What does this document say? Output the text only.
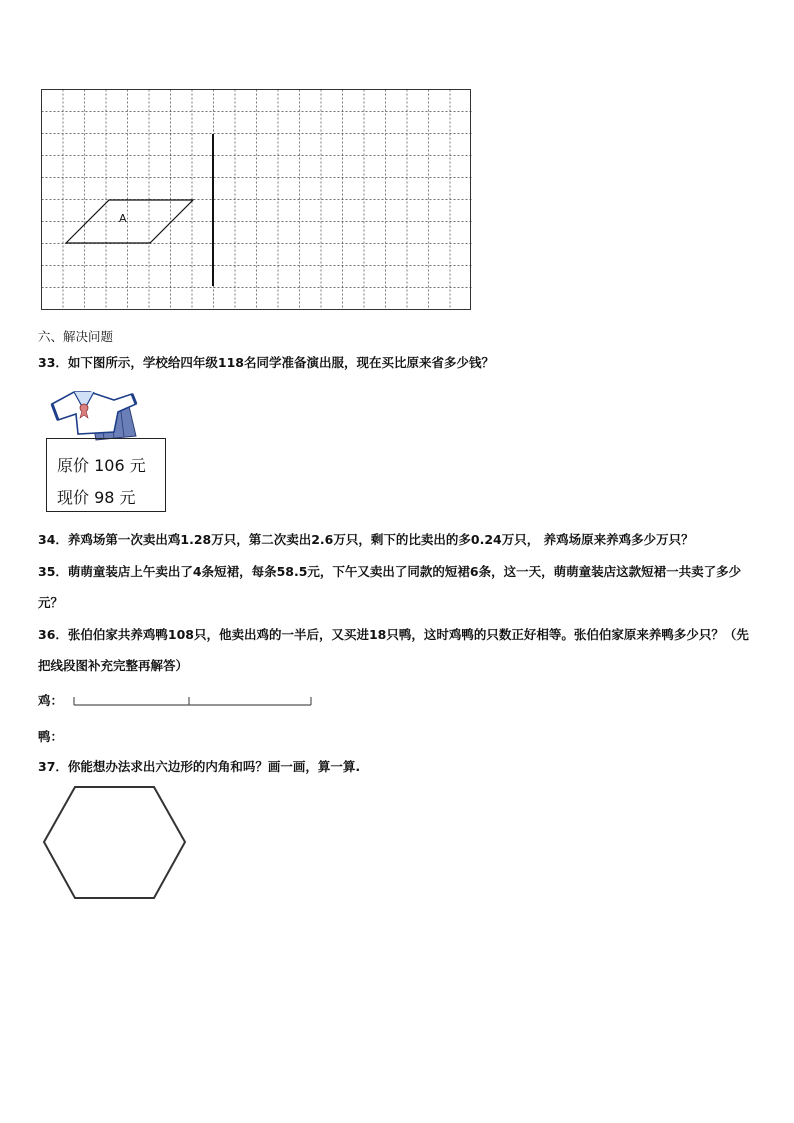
A
六、解决问题
33．如下图所示，学校给四年级118名同学准备演出服，现在买比原来省多少钱？
原价 106 元
现价 98 元
34．养鸡场第一次卖出鸡1.28万只，第二次卖出2.6万只，剩下的比卖出的多0.24万只， 养鸡场原来养鸡多少万只？
35．萌萌童装店上午卖出了4条短裙，每条58.5元，下午又卖出了同款的短裙6条，这一天，萌萌童装店这款短裙一共卖了多少元？
36．张伯伯家共养鸡鸭108只，他卖出鸡的一半后，又买进18只鸭，这时鸡鸭的只数正好相等。张伯伯家原来养鸭多少只？（先把线段图补充完整再解答）
鸡：
鸭：
37．你能想办法求出六边形的内角和吗？画一画，算一算.
